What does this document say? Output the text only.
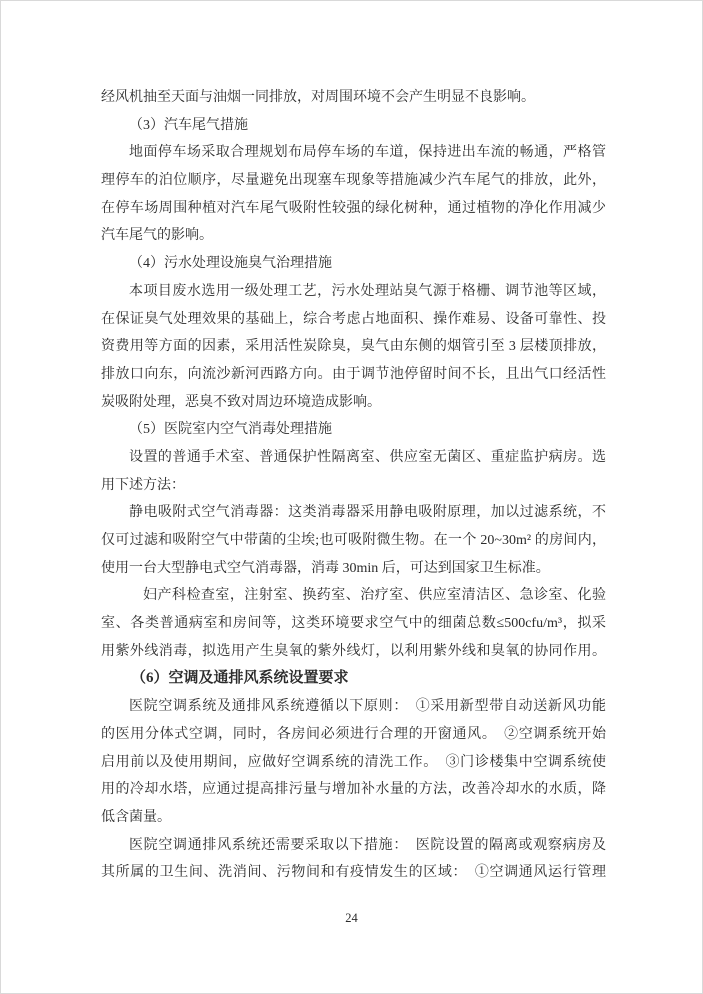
经风机抽至天面与油烟一同排放，对周围环境不会产生明显不良影响。
（3）汽车尾气措施
地面停车场采取合理规划布局停车场的车道，保持进出车流的畅通，严格管
理停车的泊位顺序，尽量避免出现塞车现象等措施减少汽车尾气的排放，此外，
在停车场周围种植对汽车尾气吸附性较强的绿化树种，通过植物的净化作用减少
汽车尾气的影响。
（4）污水处理设施臭气治理措施
本项目废水选用一级处理工艺，污水处理站臭气源于格栅、调节池等区域，
在保证臭气处理效果的基础上，综合考虑占地面积、操作难易、设备可靠性、投
资费用等方面的因素，采用活性炭除臭，臭气由东侧的烟管引至 3 层楼顶排放，
排放口向东，向流沙新河西路方向。由于调节池停留时间不长，且出气口经活性
炭吸附处理，恶臭不致对周边环境造成影响。
（5）医院室内空气消毒处理措施
设置的普通手术室、普通保护性隔离室、供应室无菌区、重症监护病房。选
用下述方法：
静电吸附式空气消毒器：这类消毒器采用静电吸附原理，加以过滤系统，不
仅可过滤和吸附空气中带菌的尘埃;也可吸附微生物。在一个 20~30m² 的房间内，
使用一台大型静电式空气消毒器，消毒 30min 后，可达到国家卫生标准。
妇产科检查室，注射室、换药室、治疗室、供应室清洁区、急诊室、化验
室、各类普通病室和房间等，这类环境要求空气中的细菌总数≤500cfu/m³，拟采
用紫外线消毒，拟选用产生臭氧的紫外线灯，以利用紫外线和臭氧的协同作用。
（6）空调及通排风系统设置要求
医院空调系统及通排风系统遵循以下原则：　①采用新型带自动送新风功能
的医用分体式空调，同时，各房间必须进行合理的开窗通风。　②空调系统开始
启用前以及使用期间，应做好空调系统的清洗工作。　③门诊楼集中空调系统使
用的冷却水塔，应通过提高排污量与增加补水量的方法，改善冷却水的水质，降
低含菌量。
医院空调通排风系统还需要采取以下措施：　医院设置的隔离或观察病房及
其所属的卫生间、洗消间、污物间和有疫情发生的区域：　①空调通风运行管理
24
